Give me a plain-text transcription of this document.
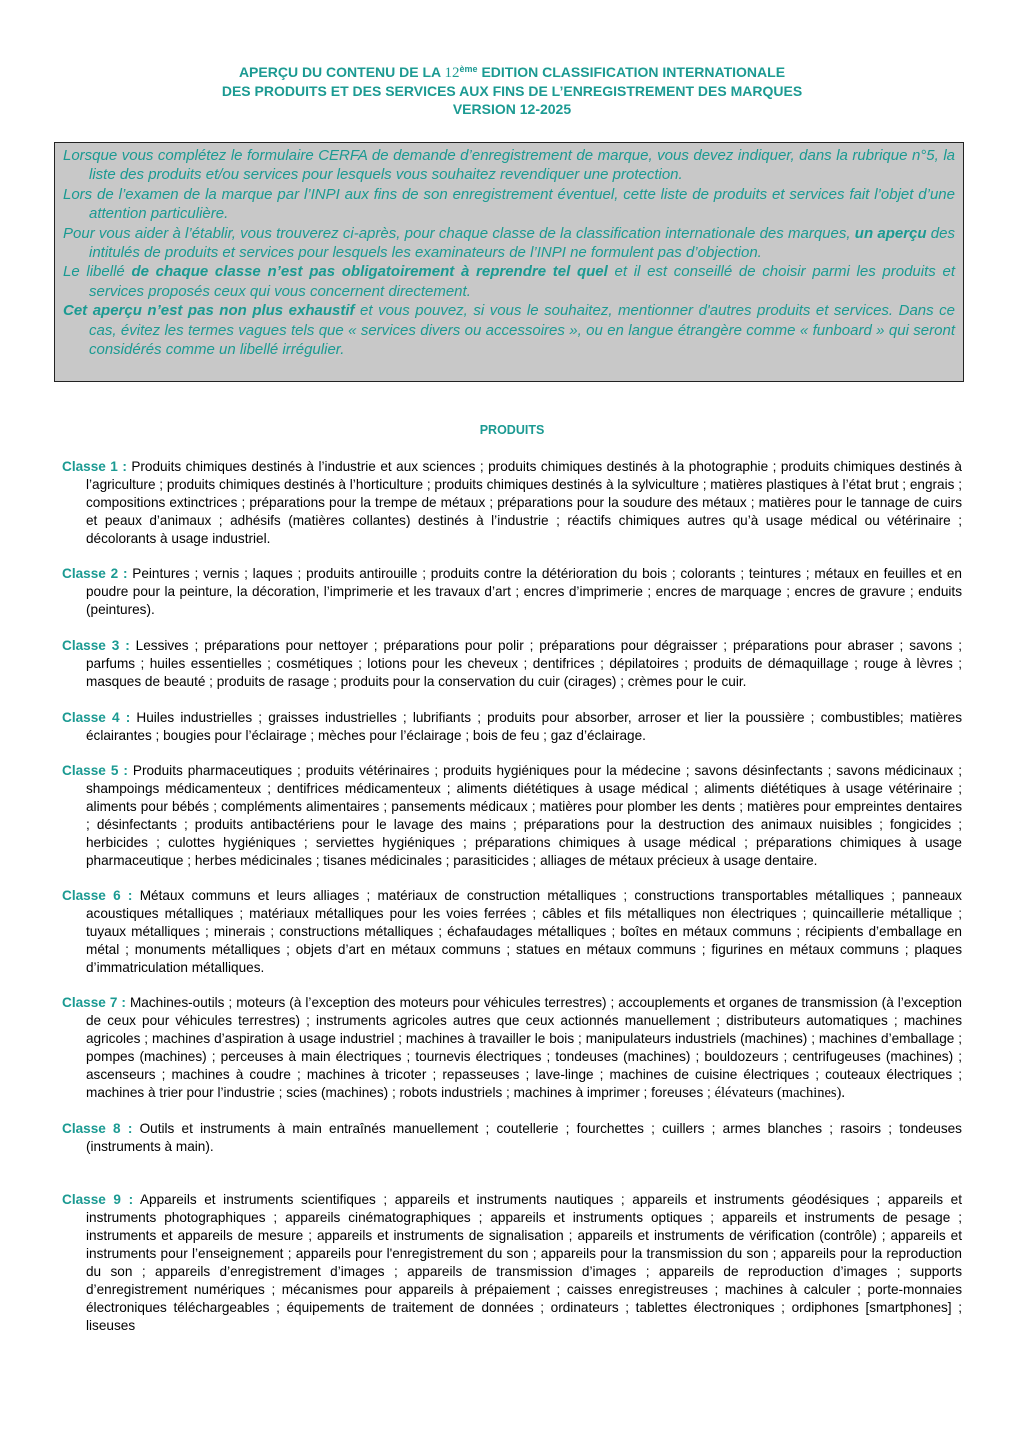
APERÇU DU CONTENU DE LA 12ème EDITION CLASSIFICATION INTERNATIONALE
DES PRODUITS ET DES SERVICES AUX FINS DE L’ENREGISTREMENT DES MARQUES
VERSION 12-2025

Lorsque vous complétez le formulaire CERFA de demande d’enregistrement de marque, vous devez indiquer, dans la rubrique n°5, la liste des produits et/ou services pour lesquels vous souhaitez revendiquer une protection.

Lors de l’examen de la marque par l’INPI aux fins de son enregistrement éventuel, cette liste de produits et services fait l’objet d’une attention particulière.

Pour vous aider à l’établir, vous trouverez ci-après, pour chaque classe de la classification internationale des marques, un aperçu des intitulés de produits et services pour lesquels les examinateurs de l’INPI ne formulent pas d’objection.

Le libellé de chaque classe n’est pas obligatoirement à reprendre tel quel et il est conseillé de choisir parmi les produits et services proposés ceux qui vous concernent directement.

Cet aperçu n’est pas non plus exhaustif et vous pouvez, si vous le souhaitez, mentionner d'autres produits et services. Dans ce cas, évitez les termes vagues tels que « services divers ou accessoires », ou en langue étrangère comme « funboard » qui seront considérés comme un libellé irrégulier.

PRODUITS

Classe 1 : Produits chimiques destinés à l’industrie et aux sciences ; produits chimiques destinés à la photographie ; produits chimiques destinés à l’agriculture ; produits chimiques destinés à l’horticulture ; produits chimiques destinés à la sylviculture ; matières plastiques à l’état brut ; engrais ; compositions extinctrices ; préparations pour la trempe de métaux ; préparations pour la soudure des métaux ; matières pour le tannage de cuirs et peaux d’animaux ; adhésifs (matières collantes) destinés à l’industrie ; réactifs chimiques autres qu’à usage médical ou vétérinaire ; décolorants à usage industriel.

Classe 2 : Peintures ; vernis ; laques ; produits antirouille ; produits contre la détérioration du bois ; colorants ; teintures ; métaux en feuilles et en poudre pour la peinture, la décoration, l’imprimerie et les travaux d’art ; encres d’imprimerie ; encres de marquage ; encres de gravure ; enduits (peintures).

Classe 3 : Lessives ; préparations pour nettoyer ; préparations pour polir ; préparations pour dégraisser ; préparations pour abraser ; savons ; parfums ; huiles essentielles ; cosmétiques ; lotions pour les cheveux ; dentifrices ; dépilatoires ; produits de démaquillage ; rouge à lèvres ; masques de beauté ; produits de rasage ; produits pour la conservation du cuir (cirages) ; crèmes pour le cuir.

Classe 4 : Huiles industrielles ; graisses industrielles ; lubrifiants ; produits pour absorber, arroser et lier la poussière ; combustibles; matières éclairantes ; bougies pour l’éclairage ; mèches pour l’éclairage ; bois de feu ; gaz d’éclairage.

Classe 5 : Produits pharmaceutiques ; produits vétérinaires ; produits hygiéniques pour la médecine ; savons désinfectants ; savons médicinaux ; shampoings médicamenteux ; dentifrices médicamenteux ; aliments diététiques à usage médical ; aliments diététiques à usage vétérinaire ; aliments pour bébés ; compléments alimentaires ; pansements médicaux ; matières pour plomber les dents ; matières pour empreintes dentaires ; désinfectants ; produits antibactériens pour le lavage des mains ; préparations pour la destruction des animaux nuisibles ; fongicides ; herbicides ; culottes hygiéniques ; serviettes hygiéniques ; préparations chimiques à usage médical ; préparations chimiques à usage pharmaceutique ; herbes médicinales ; tisanes médicinales ; parasiticides ; alliages de métaux précieux à usage dentaire.

Classe 6 : Métaux communs et leurs alliages ; matériaux de construction métalliques ; constructions transportables métalliques ; panneaux acoustiques métalliques ; matériaux métalliques pour les voies ferrées ; câbles et fils métalliques non électriques ; quincaillerie métallique ; tuyaux métalliques ; minerais ; constructions métalliques ; échafaudages métalliques ; boîtes en métaux communs ; récipients d’emballage en métal ; monuments métalliques ; objets d’art en métaux communs ; statues en métaux communs ; figurines en métaux communs ; plaques d’immatriculation métalliques.

Classe 7 : Machines-outils ; moteurs (à l’exception des moteurs pour véhicules terrestres) ; accouplements et organes de transmission (à l’exception de ceux pour véhicules terrestres) ; instruments agricoles autres que ceux actionnés manuellement ; distributeurs automatiques ; machines agricoles ; machines d’aspiration à usage industriel ; machines à travailler le bois ; manipulateurs industriels (machines) ; machines d’emballage ; pompes (machines) ; perceuses à main électriques ; tournevis électriques ; tondeuses (machines) ; bouldozeurs ; centrifugeuses (machines) ; ascenseurs ; machines à coudre ; machines à tricoter ; repasseuses ; lave-linge ; machines de cuisine électriques ; couteaux électriques ; machines à trier pour l’industrie ; scies (machines) ; robots industriels ; machines à imprimer ; foreuses ; élévateurs (machines).

Classe 8 : Outils et instruments à main entraînés manuellement ; coutellerie ; fourchettes ; cuillers ; armes blanches ; rasoirs ; tondeuses (instruments à main).

Classe 9 : Appareils et instruments scientifiques ; appareils et instruments nautiques ; appareils et instruments géodésiques ; appareils et instruments photographiques ; appareils cinématographiques ; appareils et instruments optiques ; appareils et instruments de pesage ; instruments et appareils de mesure ; appareils et instruments de signalisation ; appareils et instruments de vérification (contrôle) ; appareils et instruments pour l’enseignement ; appareils pour l'enregistrement du son ; appareils pour la transmission du son ; appareils pour la reproduction du son ; appareils d’enregistrement d’images ; appareils de transmission d’images ; appareils de reproduction d’images ; supports d’enregistrement numériques ; mécanismes pour appareils à prépaiement ; caisses enregistreuses ; machines à calculer ; porte-monnaies électroniques téléchargeables ; équipements de traitement de données ; ordinateurs ; tablettes électroniques ; ordiphones [smartphones] ; liseuses
